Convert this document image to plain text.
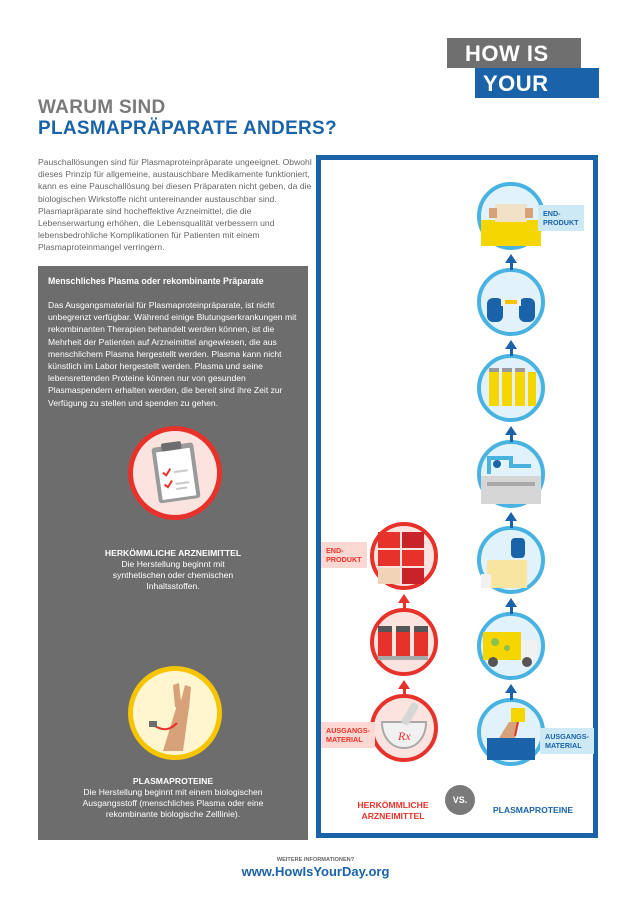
HOW IS
YOUR DAY?
WARUM SIND
PLASMAPRÄPARATE ANDERS?

Pauschallösungen sind für Plasmaproteinpräparate ungeeignet. Obwohl dieses Prinzip für allgemeine, austauschbare Medikamente funktioniert, kann es eine Pauschallösung bei diesen Präparaten nicht geben, da die biologischen Wirkstoffe nicht untereinander austauschbar sind. Plasmapräparate sind hocheffektive Arzneimittel, die die Lebenserwartung erhöhen, die Lebensqualität verbessern und lebensbedrohliche Komplikationen für Patienten mit einem Plasmaproteinmangel verringern.

Menschliches Plasma oder rekombinante Präparate

Das Ausgangsmaterial für Plasmaproteinpräparate, ist nicht unbegrenzt verfügbar. Während einige Blutungserkrankungen mit rekombinanten Therapien behandelt werden können, ist die Mehrheit der Patienten auf Arzneimittel angewiesen, die aus menschlichem Plasma hergestellt werden. Plasma kann nicht künstlich im Labor hergestellt werden. Plasma und seine lebensrettenden Proteine können nur von gesunden Plasmaspendern erhalten werden, die bereit sind ihre Zeit zur Verfügung zu stellen und spenden zu gehen.

HERKÖMMLICHE ARZNEIMITTEL
Die Herstellung beginnt mit synthetischen oder chemischen Inhaltsstoffen.
PLASMAPROTEINE
Die Herstellung beginnt mit einem biologischen Ausgangsstoff (menschliches Plasma oder eine rekombinante biologische Zelllinie).
Rx
END-
PRODUKT
AUSGANGS-
MATERIAL
END-
PRODUKT
AUSGANGS-
MATERIAL
VS.
HERKÖMMLICHE ARZNEIMITTEL
PLASMAPROTEINE
WEITERE INFORMATIONEN?
www.HowIsYourDay.org
